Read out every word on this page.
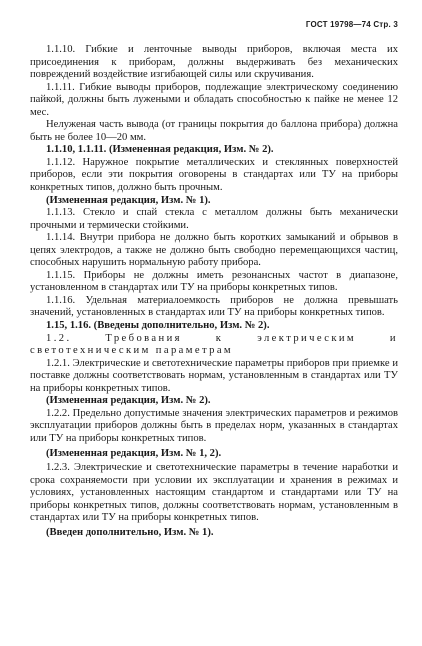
ГОСТ 19798—74 Стр. 3

1.1.10. Гибкие и ленточные выводы приборов, включая места их присоединения к приборам, должны выдерживать без механических повреждений воздействие изгибающей силы или скручивания.

1.1.11. Гибкие выводы приборов, подлежащие электрическому соединению пайкой, должны быть лужеными и обладать способностью к пайке не менее 12 мес.

Нелуженая часть вывода (от границы покрытия до баллона прибора) должна быть не более 10—20 мм.

1.1.10, 1.1.11. (Измененная редакция, Изм. № 2).

1.1.12. Наружное покрытие металлических и стеклянных поверхностей приборов, если эти покрытия оговорены в стандартах или ТУ на приборы конкретных типов, должно быть прочным.

(Измененная редакция, Изм. № 1).

1.1.13. Стекло и спай стекла с металлом должны быть механически прочными и термически стойкими.

1.1.14. Внутри прибора не должно быть коротких замыканий и обрывов в цепях электродов, а также не должно быть свободно перемещающихся частиц, способных нарушить нормальную работу прибора.

1.1.15. Приборы не должны иметь резонансных частот в диапазоне, установленном в стандартах или ТУ на приборы конкретных типов.

1.1.16. Удельная материалоемкость приборов не должна превышать значений, установленных в стандартах или ТУ на приборы конкретных типов.

1.15, 1.16. (Введены дополнительно, Изм. № 2).

1.2. Требования к электрическим и светотехническим параметрам

1.2.1. Электрические и светотехнические параметры приборов при приемке и поставке должны соответствовать нормам, установленным в стандартах или ТУ на приборы конкретных типов.

(Измененная редакция, Изм. № 2).

1.2.2. Предельно допустимые значения электрических параметров и режимов эксплуатации приборов должны быть в пределах норм, указанных в стандартах или ТУ на приборы конкретных типов.

(Измененная редакция, Изм. № 1, 2).

1.2.3. Электрические и светотехнические параметры в течение наработки и срока сохраняемости при условии их эксплуатации и хранения в режимах и условиях, установленных настоящим стандартом и стандартами или ТУ на приборы конкретных типов, должны соответствовать нормам, установленным в стандартах или ТУ на приборы конкретных типов.

(Введен дополнительно, Изм. № 1).
